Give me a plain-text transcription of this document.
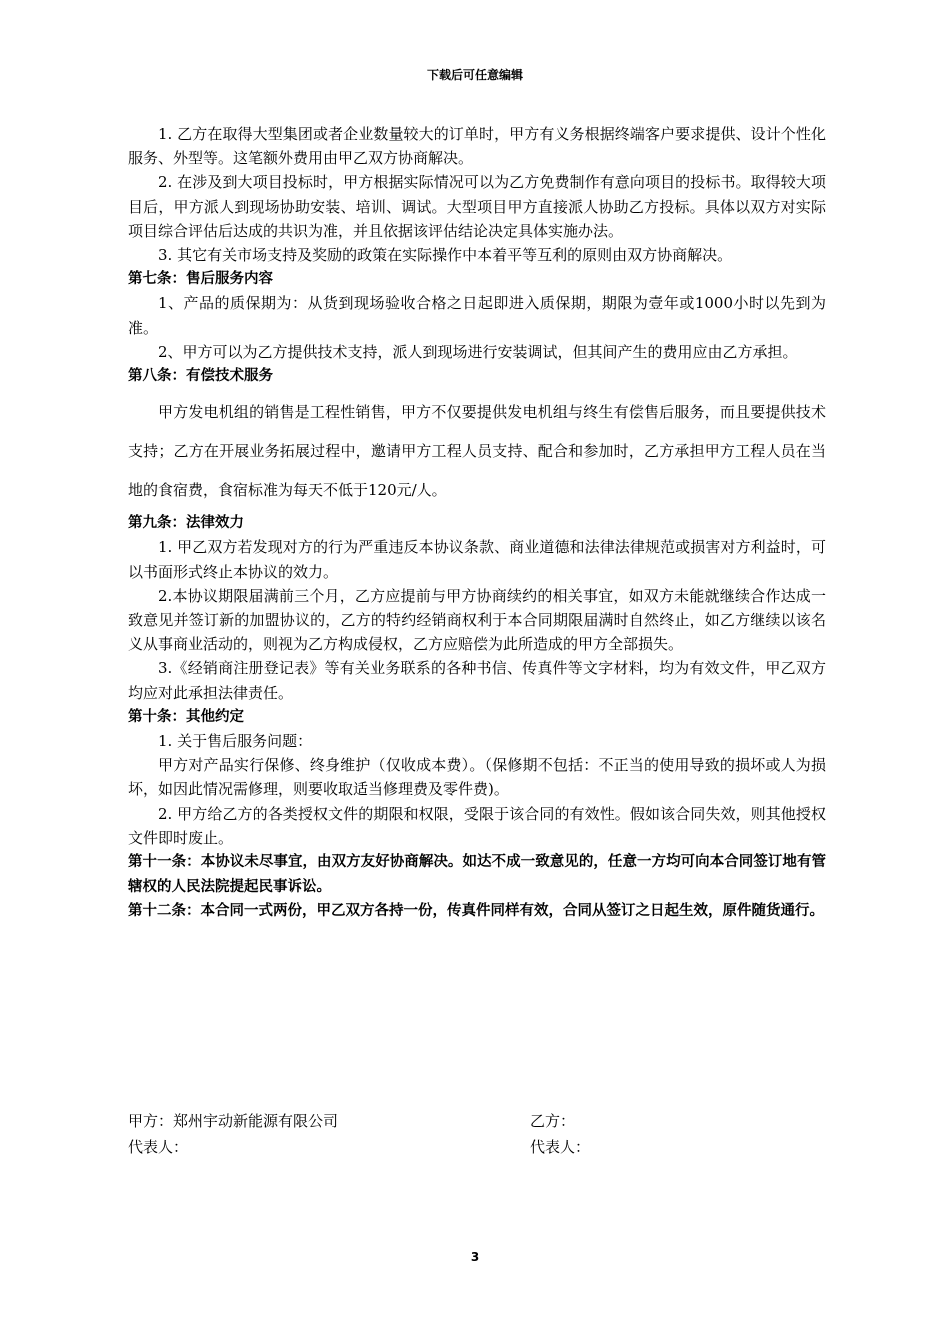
下载后可任意编辑

1. 乙方在取得大型集团或者企业数量较大的订单时，甲方有义务根据终端客户要求提供、设计个性化服务、外型等。这笔额外费用由甲乙双方协商解决。

2. 在涉及到大项目投标时，甲方根据实际情况可以为乙方免费制作有意向项目的投标书。取得较大项目后，甲方派人到现场协助安装、培训、调试。大型项目甲方直接派人协助乙方投标。具体以双方对实际项目综合评估后达成的共识为准，并且依据该评估结论决定具体实施办法。

3. 其它有关市场支持及奖励的政策在实际操作中本着平等互利的原则由双方协商解决。

第七条：售后服务内容

1、产品的质保期为：从货到现场验收合格之日起即进入质保期，期限为壹年或1000小时以先到为准。

2、甲方可以为乙方提供技术支持，派人到现场进行安装调试，但其间产生的费用应由乙方承担。

第八条：有偿技术服务

甲方发电机组的销售是工程性销售，甲方不仅要提供发电机组与终生有偿售后服务，而且要提供技术支持；乙方在开展业务拓展过程中，邀请甲方工程人员支持、配合和参加时，乙方承担甲方工程人员在当地的食宿费，食宿标准为每天不低于120元/人。

第九条：法律效力

1. 甲乙双方若发现对方的行为严重违反本协议条款、商业道德和法律法律规范或损害对方利益时，可以书面形式终止本协议的效力。

2.本协议期限届满前三个月，乙方应提前与甲方协商续约的相关事宜，如双方未能就继续合作达成一致意见并签订新的加盟协议的，乙方的特约经销商权利于本合同期限届满时自然终止，如乙方继续以该名义从事商业活动的，则视为乙方构成侵权，乙方应赔偿为此所造成的甲方全部损失。

3.《经销商注册登记表》等有关业务联系的各种书信、传真件等文字材料，均为有效文件，甲乙双方均应对此承担法律责任。

第十条：其他约定

1. 关于售后服务问题：

甲方对产品实行保修、终身维护（仅收成本费）。（保修期不包括：不正当的使用导致的损坏或人为损坏，如因此情况需修理，则要收取适当修理费及零件费)。

2. 甲方给乙方的各类授权文件的期限和权限，受限于该合同的有效性。假如该合同失效，则其他授权文件即时废止。

第十一条：本协议未尽事宜，由双方友好协商解决。如达不成一致意见的，任意一方均可向本合同签订地有管辖权的人民法院提起民事诉讼。

第十二条：本合同一式两份，甲乙双方各持一份，传真件同样有效，合同从签订之日起生效，原件随货通行。

甲方：郑州宇动新能源有限公司	乙方：
代表人：	代表人：
3
